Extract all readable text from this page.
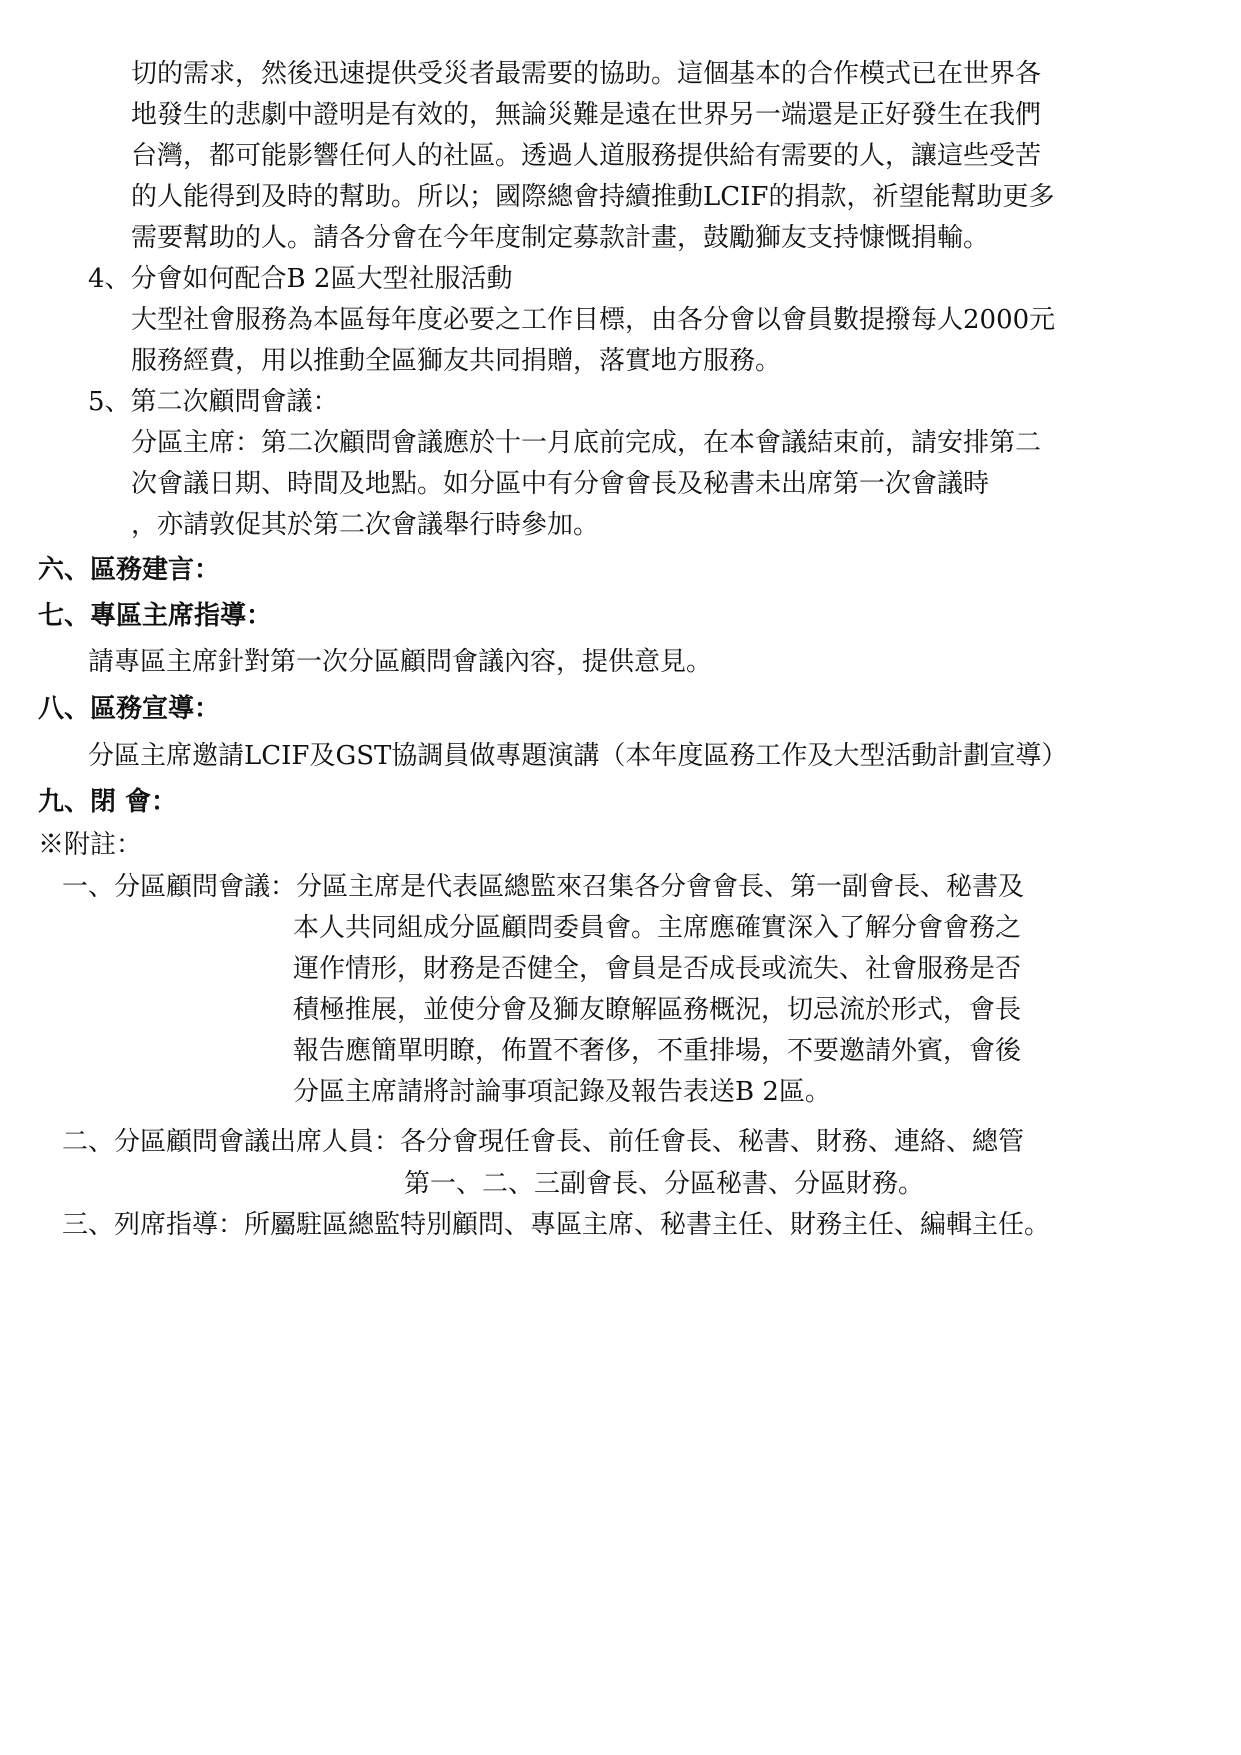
切的需求，然後迅速提供受災者最需要的協助。這個基本的合作模式已在世界各
地發生的悲劇中證明是有效的，無論災難是遠在世界另一端還是正好發生在我們
台灣，都可能影響任何人的社區。透過人道服務提供給有需要的人，讓這些受苦
的人能得到及時的幫助。所以；國際總會持續推動LCIF的捐款，祈望能幫助更多
需要幫助的人。請各分會在今年度制定募款計畫，鼓勵獅友支持慷慨捐輸。
4、分會如何配合B 2區大型社服活動
大型社會服務為本區每年度必要之工作目標，由各分會以會員數提撥每人2000元
服務經費，用以推動全區獅友共同捐贈，落實地方服務。
5、第二次顧問會議：
分區主席：第二次顧問會議應於十一月底前完成，在本會議結束前，請安排第二
次會議日期、時間及地點。如分區中有分會會長及秘書未出席第一次會議時
，亦請敦促其於第二次會議舉行時參加。
六、區務建言：
七、專區主席指導：
請專區主席針對第一次分區顧問會議內容，提供意見。
八、區務宣導：
分區主席邀請LCIF及GST協調員做專題演講（本年度區務工作及大型活動計劃宣導）
九、閉 會：
※附註：
一、分區顧問會議：分區主席是代表區總監來召集各分會會長、第一副會長、秘書及
本人共同組成分區顧問委員會。主席應確實深入了解分會會務之
運作情形，財務是否健全，會員是否成長或流失、社會服務是否
積極推展，並使分會及獅友瞭解區務概況，切忌流於形式，會長
報告應簡單明瞭，佈置不奢侈，不重排場，不要邀請外賓，會後
分區主席請將討論事項記錄及報告表送B 2區。
二、分區顧問會議出席人員：各分會現任會長、前任會長、秘書、財務、連絡、總管
第一、二、三副會長、分區秘書、分區財務。
三、列席指導：所屬駐區總監特別顧問、專區主席、秘書主任、財務主任、編輯主任。
